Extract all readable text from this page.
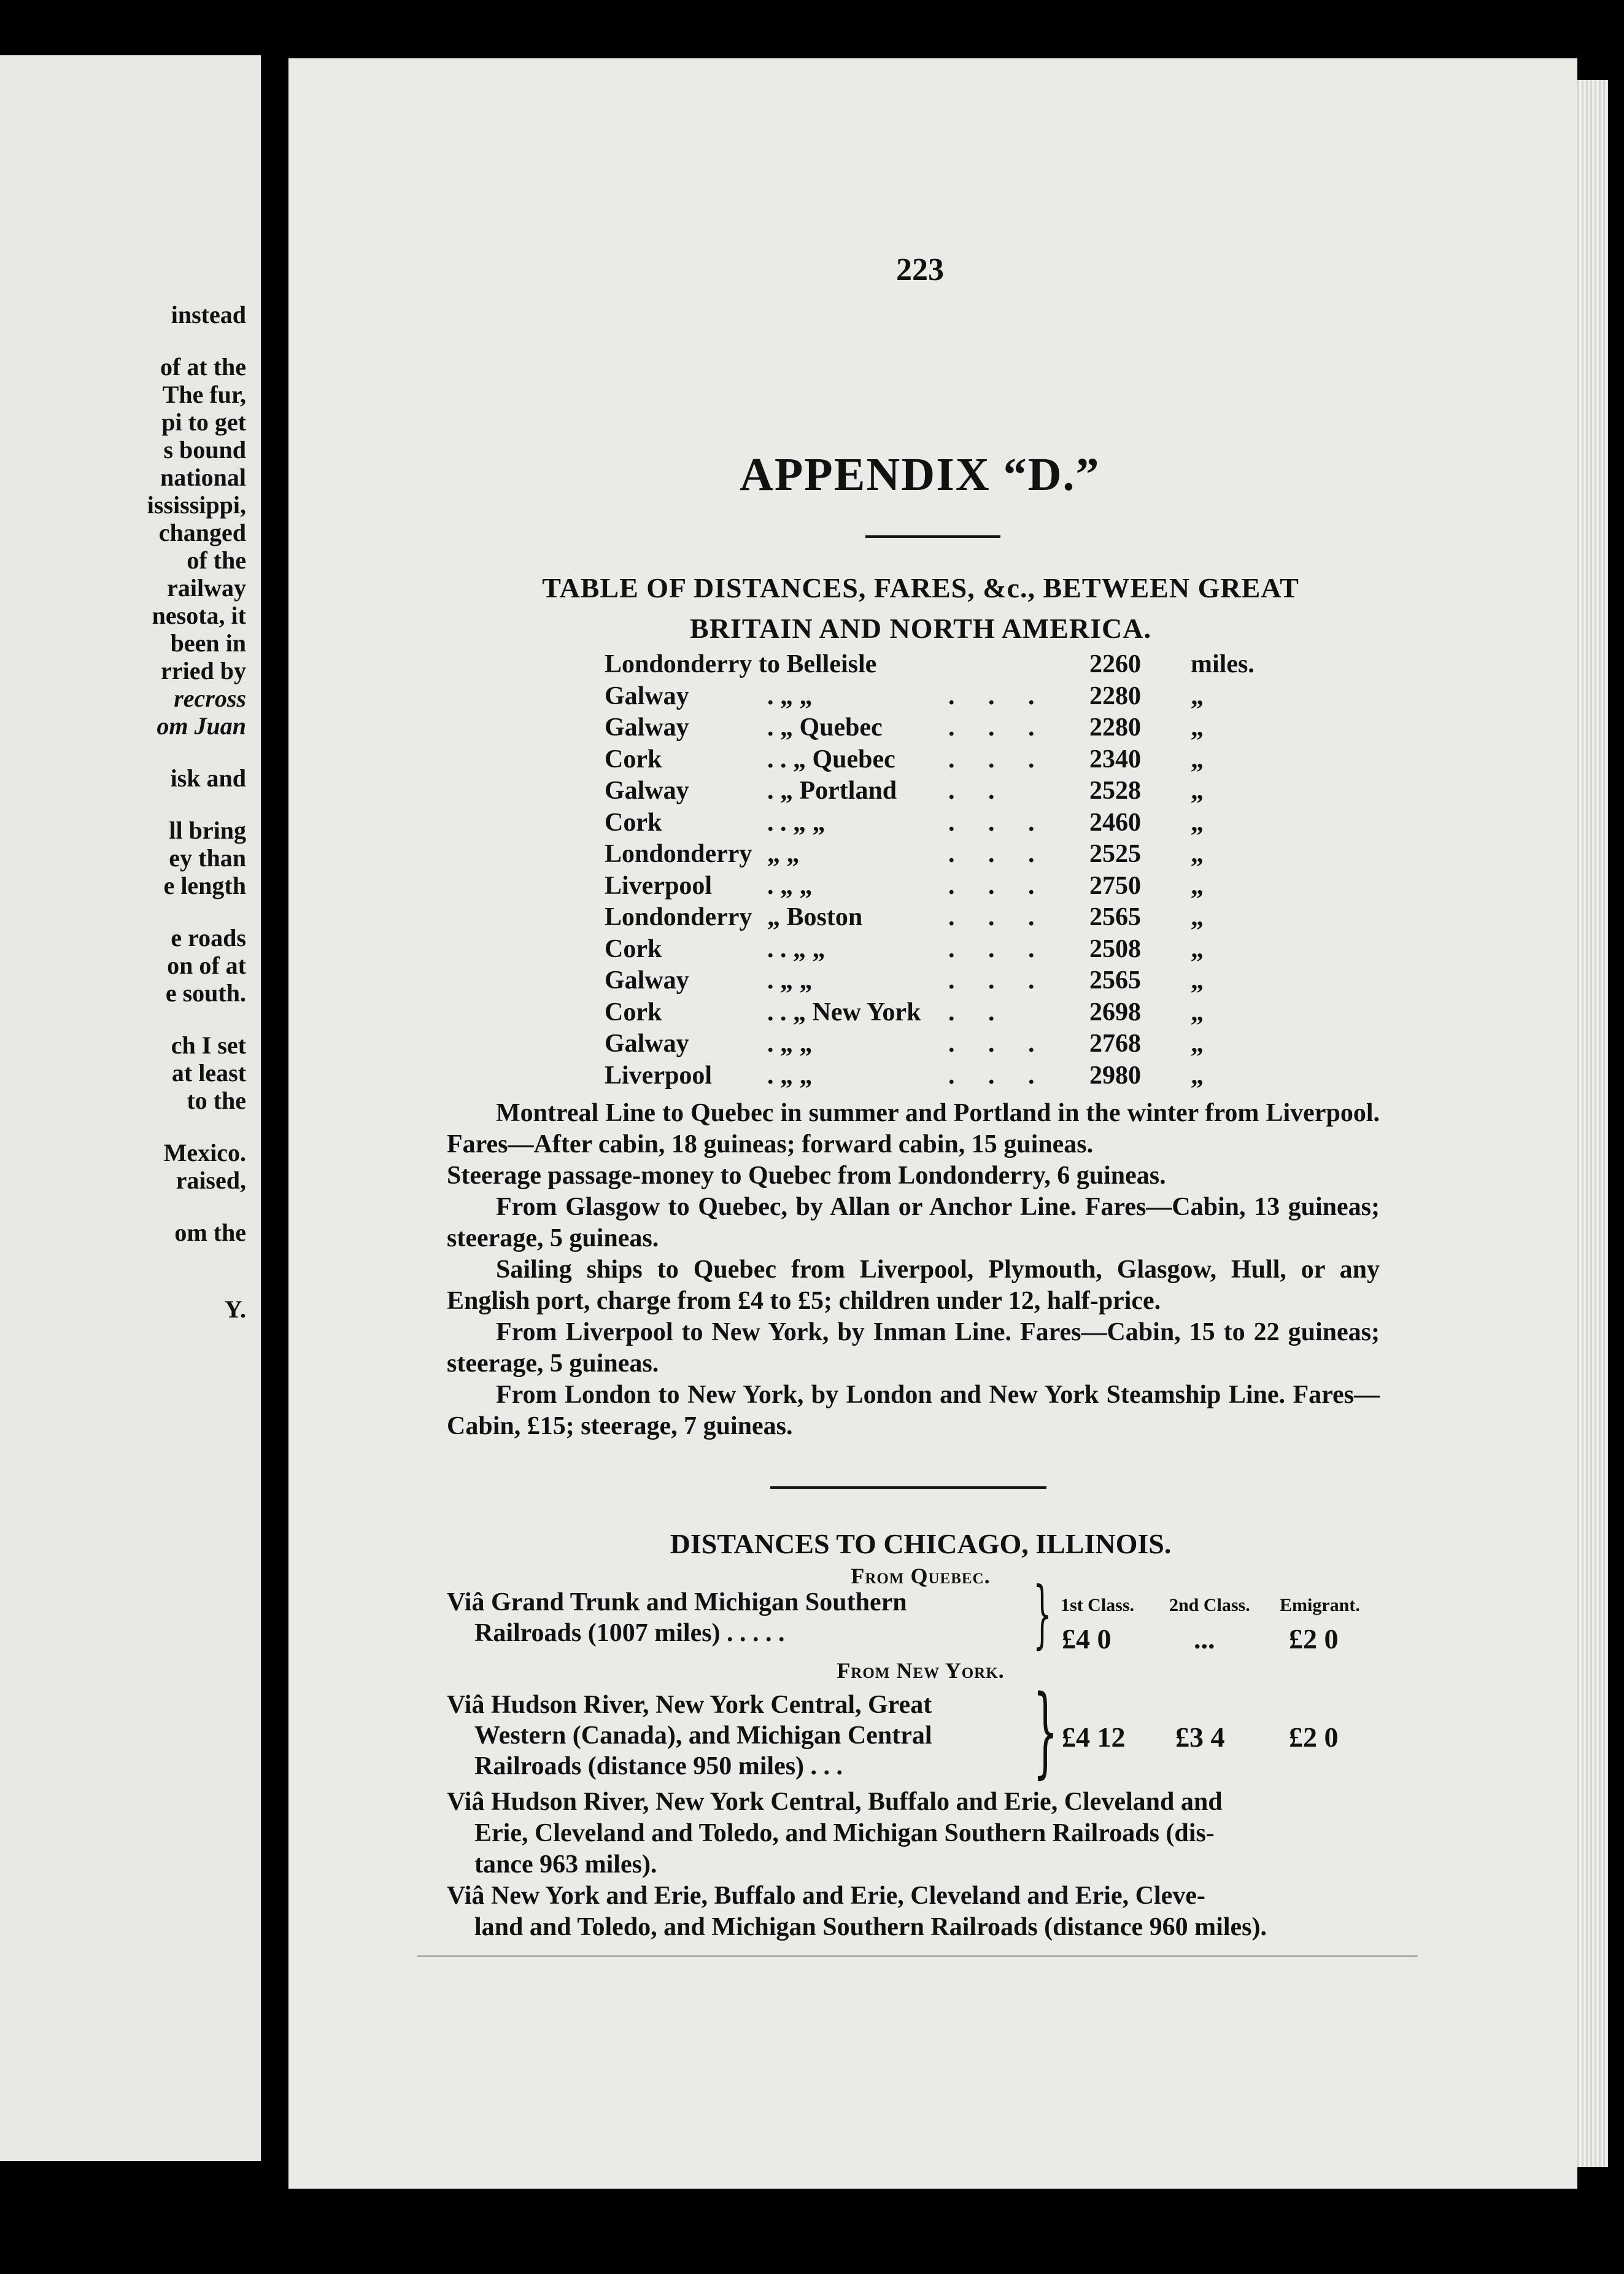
instead
of at the
The fur,
pi to get
s bound
national
ississippi,
changed
of the
railway
nesota, it
been in
rried by
recross
om Juan
isk and
ll bring
ey than
e length
e roads
on of at
e south.
ch I set
at least
to the
Mexico.
raised,
om the
Y.
223
APPENDIX “D.”
TABLE OF DISTANCES, FARES, &c., BETWEEN GREAT BRITAIN AND NORTH AMERICA.
Londonderry to Belleisle	2260 miles.
Galway	. „ „	. . . 2280 „
Galway	. „ Quebec	. . . 2280 „
Cork	. . „ Quebec . . . 2340 „
Galway	. „ Portland . .	2528 „
Cork	. . „ „	. . . 2460 „
Londonderry „ „	. . . 2525 „
Liverpool . „ „	. . . 2750 „
Londonderry „ Boston	. . . 2565 „
Cork	. . „ „	. . . 2508 „
Galway	. „ „	. . . 2565 „
Cork	. . „ New York . .	2698 „
Galway	. „ „	. . . 2768 „
Liverpool . „ „	. . . 2980 „

Montreal Line to Quebec in summer and Portland in the winter from Liverpool. Fares—After cabin, 18 guineas; forward cabin, 15 guineas.

Steerage passage-money to Quebec from Londonderry, 6 guineas.

From Glasgow to Quebec, by Allan or Anchor Line. Fares—Cabin, 13 guineas; steerage, 5 guineas.

Sailing ships to Quebec from Liverpool, Plymouth, Glasgow, Hull, or any English port, charge from £4 to £5; children under 12, half-price.

From Liverpool to New York, by Inman Line. Fares—Cabin, 15 to 22 guineas; steerage, 5 guineas.

From London to New York, by London and New York Steamship Line. Fares—Cabin, £15; steerage, 7 guineas.

DISTANCES TO CHICAGO, ILLINOIS.
From Quebec.
1st Class. 2nd Class. Emigrant.
Viâ Grand Trunk and Michigan Southern
Railroads (1007 miles) . . . . .	} £4 0	...	£2 0
From New York.
Viâ Hudson River, New York Central, Great
Western (Canada), and Michigan Central
Railroads (distance 950 miles) . . .	} £4 12 £3 4 £2 0
Viâ Hudson River, New York Central, Buffalo and Erie, Cleveland and
Erie, Cleveland and Toledo, and Michigan Southern Railroads (dis-
tance 963 miles).
Viâ New York and Erie, Buffalo and Erie, Cleveland and Erie, Cleve-
land and Toledo, and Michigan Southern Railroads (distance 960 miles).
